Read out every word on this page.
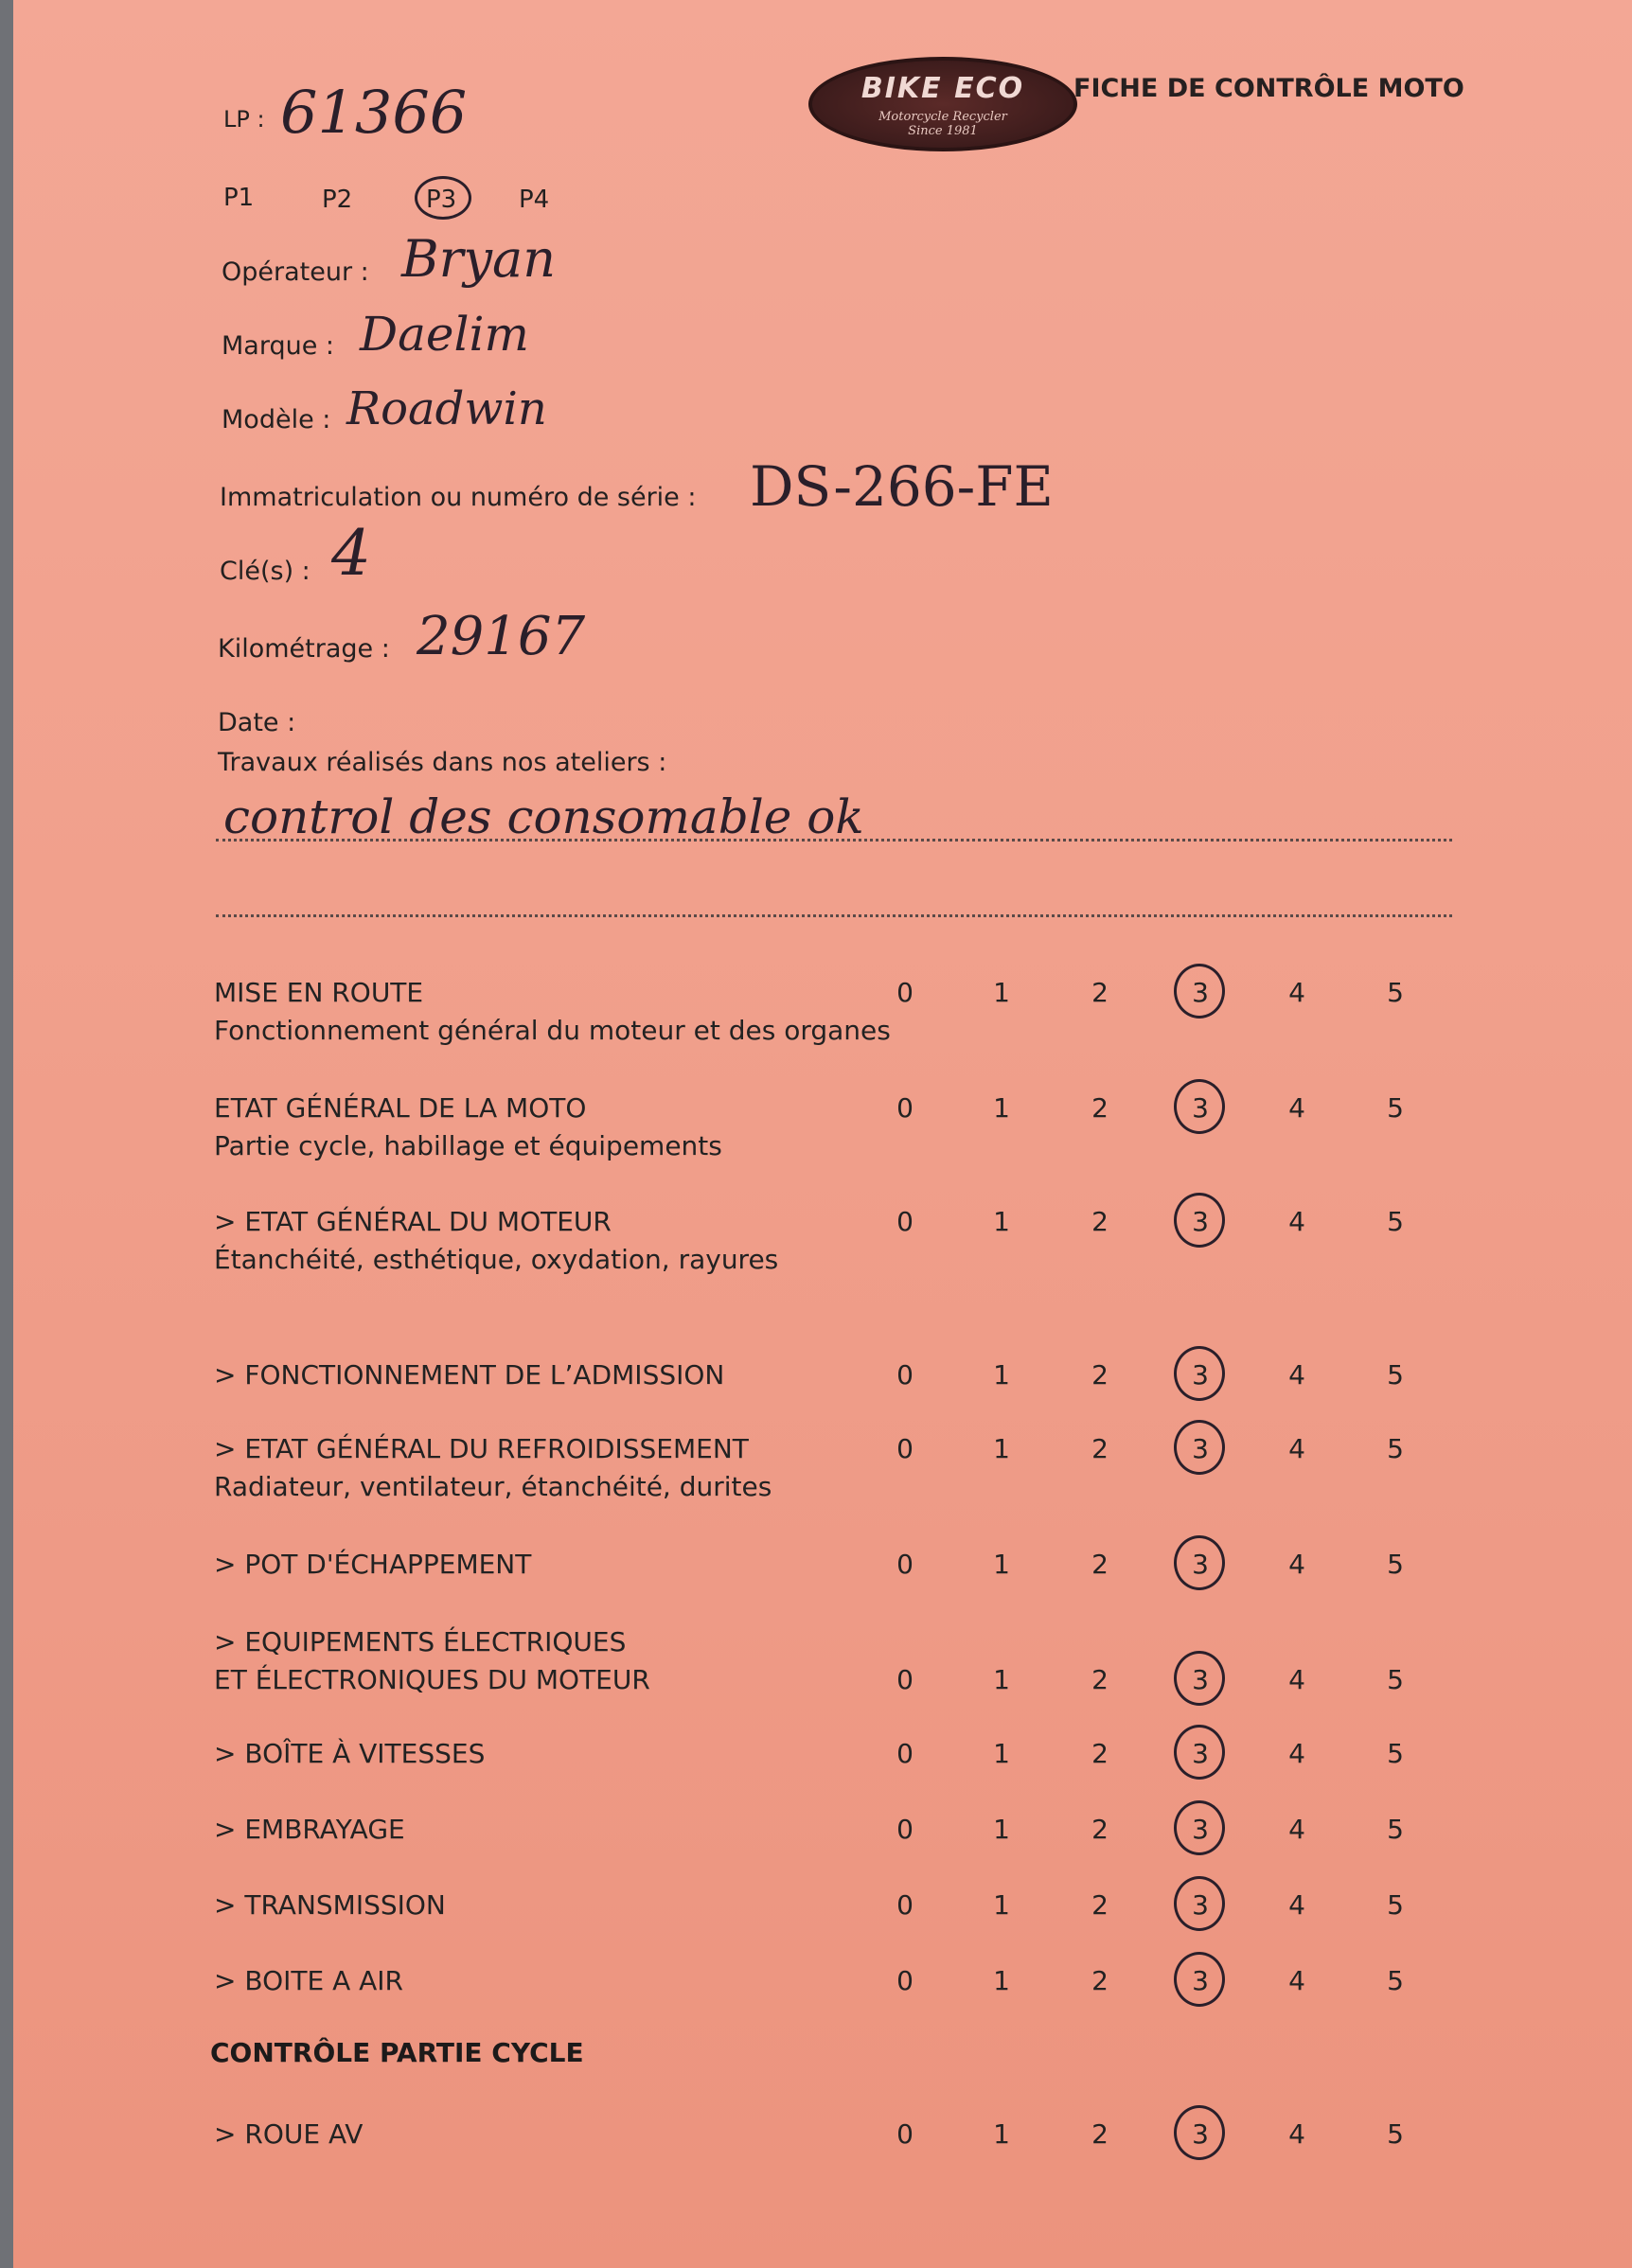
BIKE ECO
Motorcycle Recycler
Since 1981
FICHE DE CONTRÔLE MOTO
LP : 61366
P1	P2	P3	P4
Opérateur : Bryan
Marque : Daelim
Modèle : Roadwin
Immatriculation ou numéro de série : DS-266-FE
Clé(s) : 4
Kilométrage : 29167
Date :
Travaux réalisés dans nos ateliers :
control des consomable ok
MISE EN ROUTE
Fonctionnement général du moteur et des organes
0	1	2	3	4	5
ETAT GÉNÉRAL DE LA MOTO
Partie cycle, habillage et équipements
0	1	2	3	4	5
> ETAT GÉNÉRAL DU MOTEUR
Étanchéité, esthétique, oxydation, rayures
0	1	2	3	4	5
> FONCTIONNEMENT DE L’ADMISSION	0	1	2	3	4	5
> ETAT GÉNÉRAL DU REFROIDISSEMENT
Radiateur, ventilateur, étanchéité, durites
0	1	2	3	4	5
> POT D'ÉCHAPPEMENT	0	1	2	3	4	5
> EQUIPEMENTS ÉLECTRIQUES
ET ÉLECTRONIQUES DU MOTEUR	0	1	2	3	4	5
> BOÎTE À VITESSES	0	1	2	3	4	5
> EMBRAYAGE	0	1	2	3	4	5
> TRANSMISSION	0	1	2	3	4	5
> BOITE A AIR	0	1	2	3	4	5
CONTRÔLE PARTIE CYCLE
> ROUE AV	0	1	2	3	4	5
